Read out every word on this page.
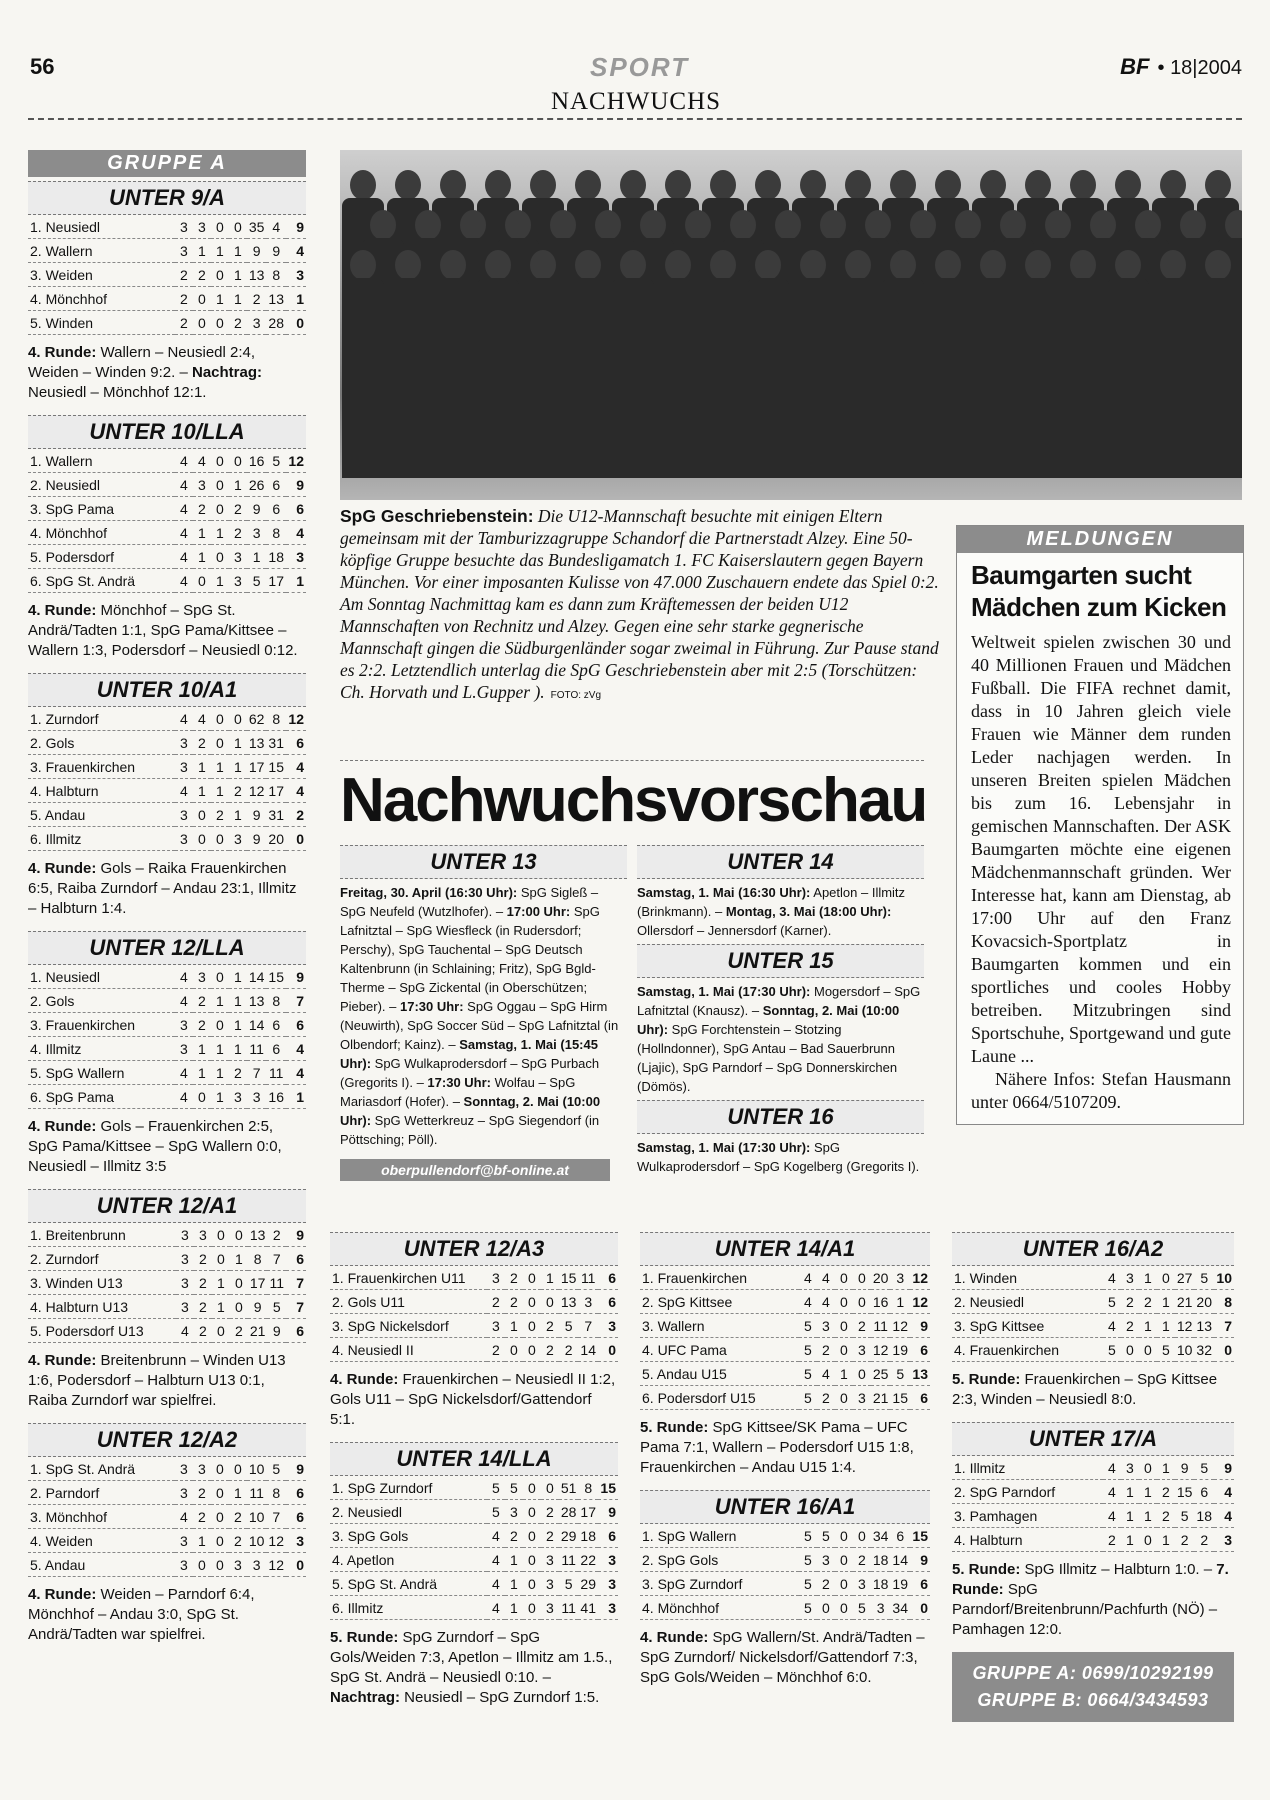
56	SPORT	BF • 18|2004
NACHWUCHS
GRUPPE A
UNTER 9/A
1. Neusiedl	3	3	0	0	35	4	9
2. Wallern	3	1	1	1	9	9	4
3. Weiden	2	2	0	1	13	8	3
4. Mönchhof	2	0	1	1	2	13	1
5. Winden	2	0	0	2	3	28	0
4. Runde: Wallern – Neusiedl 2:4, Weiden – Winden 9:2. – Nachtrag: Neusiedl – Mönchhof 12:1.
UNTER 10/LLA
1. Wallern	4	4	0	0	16	5	12
2. Neusiedl	4	3	0	1	26	6	9
3. SpG Pama	4	2	0	2	9	6	6
4. Mönchhof	4	1	1	2	3	8	4
5. Podersdorf	4	1	0	3	1	18	3
6. SpG St. Andrä	4	0	1	3	5	17	1
4. Runde: Mönchhof – SpG St. Andrä/Tadten 1:1, SpG Pama/Kittsee – Wallern 1:3, Podersdorf – Neusiedl 0:12.
UNTER 10/A1
1. Zurndorf	4	4	0	0	62	8	12
2. Gols	3	2	0	1	13	31	6
3. Frauenkirchen	3	1	1	1	17	15	4
4. Halbturn	4	1	1	2	12	17	4
5. Andau	3	0	2	1	9	31	2
6. Illmitz	3	0	0	3	9	20	0
4. Runde: Gols – Raika Frauenkirchen 6:5, Raiba Zurndorf – Andau 23:1, Illmitz – Halbturn 1:4.
UNTER 12/LLA
1. Neusiedl	4	3	0	1	14	15	9
2. Gols	4	2	1	1	13	8	7
3. Frauenkirchen	3	2	0	1	14	6	6
4. Illmitz	3	1	1	1	11	6	4
5. SpG Wallern	4	1	1	2	7	11	4
6. SpG Pama	4	0	1	3	3	16	1
4. Runde: Gols – Frauenkirchen 2:5, SpG Pama/Kittsee – SpG Wallern 0:0, Neusiedl – Illmitz 3:5
UNTER 12/A1
1. Breitenbrunn	3	3	0	0	13	2	9
2. Zurndorf	3	2	0	1	8	7	6
3. Winden U13	3	2	1	0	17	11	7
4. Halbturn U13	3	2	1	0	9	5	7
5. Podersdorf U13	4	2	0	2	21	9	6
4. Runde: Breitenbrunn – Winden U13 1:6, Podersdorf – Halbturn U13 0:1, Raiba Zurndorf war spielfrei.
UNTER 12/A2
1. SpG St. Andrä	3	3	0	0	10	5	9
2. Parndorf	3	2	0	1	11	8	6
3. Mönchhof	4	2	0	2	10	7	6
4. Weiden	3	1	0	2	10	12	3
5. Andau	3	0	0	3	3	12	0
4. Runde: Weiden – Parndorf 6:4, Mönchhof – Andau 3:0, SpG St. Andrä/Tadten war spielfrei.
SpG Geschriebenstein: Die U12-Mannschaft besuchte mit einigen Eltern gemeinsam mit der Tamburizzagruppe Schandorf die Partnerstadt Alzey. Eine 50-köpfige Gruppe besuchte das Bundesligamatch 1. FC Kaiserslautern gegen Bayern München. Vor einer imposanten Kulisse von 47.000 Zuschauern endete das Spiel 0:2. Am Sonntag Nachmittag kam es dann zum Kräftemessen der beiden U12 Mannschaften von Rechnitz und Alzey. Gegen eine sehr starke gegnerische Mannschaft gingen die Südburgenländer sogar zweimal in Führung. Zur Pause stand es 2:2. Letztendlich unterlag die SpG Geschriebenstein aber mit 2:5 (Torschützen: Ch. Horvath und L.Gupper ). FOTO: zVg
Nachwuchsvorschau
UNTER 13
Freitag, 30. April (16:30 Uhr): SpG Sigleß – SpG Neufeld (Wutzlhofer). – 17:00 Uhr: SpG Lafnitztal – SpG Wiesfleck (in Rudersdorf; Perschy), SpG Tauchental – SpG Deutsch Kaltenbrunn (in Schlaining; Fritz), SpG Bgld-Therme – SpG Zickental (in Oberschützen; Pieber). – 17:30 Uhr: SpG Oggau – SpG Hirm (Neuwirth), SpG Soccer Süd – SpG Lafnitztal (in Olbendorf; Kainz). – Samstag, 1. Mai (15:45 Uhr): SpG Wulkaprodersdorf – SpG Purbach (Gregorits I). – 17:30 Uhr: Wolfau – SpG Mariasdorf (Hofer). – Sonntag, 2. Mai (10:00 Uhr): SpG Wetterkreuz – SpG Siegendorf (in Pöttsching; Pöll).
oberpullendorf@bf-online.at
UNTER 14
Samstag, 1. Mai (16:30 Uhr): Apetlon – Illmitz (Brinkmann). – Montag, 3. Mai (18:00 Uhr): Ollersdorf – Jennersdorf (Karner).
UNTER 15
Samstag, 1. Mai (17:30 Uhr): Mogersdorf – SpG Lafnitztal (Knausz). – Sonntag, 2. Mai (10:00 Uhr): SpG Forchtenstein – Stotzing (Hollndonner), SpG Antau – Bad Sauerbrunn (Ljajic), SpG Parndorf – SpG Donnerskirchen (Dömös).
UNTER 16
Samstag, 1. Mai (17:30 Uhr): SpG Wulkaprodersdorf – SpG Kogelberg (Gregorits I).
MELDUNGEN
Baumgarten sucht Mädchen zum Kicken
Weltweit spielen zwischen 30 und 40 Millionen Frauen und Mädchen Fußball. Die FIFA rechnet damit, dass in 10 Jahren gleich viele Frauen wie Männer dem runden Leder nachjagen werden. In unseren Breiten spielen Mädchen bis zum 16. Lebensjahr in gemischen Mannschaften. Der ASK Baumgarten möchte eine eigenen Mädchenmannschaft gründen. Wer Interesse hat, kann am Dienstag, ab 17:00 Uhr auf den Franz Kovacsich-Sportplatz in Baumgarten kommen und ein sportliches und cooles Hobby betreiben. Mitzubringen sind Sportschuhe, Sportgewand und gute Laune ...
Nähere Infos: Stefan Hausmann unter 0664/5107209.
UNTER 12/A3
1. Frauenkirchen U11	3	2	0	1	15	11	6
2. Gols U11	2	2	0	0	13	3	6
3. SpG Nickelsdorf	3	1	0	2	5	7	3
4. Neusiedl II	2	0	0	2	2	14	0
4. Runde: Frauenkirchen – Neusiedl II 1:2, Gols U11 – SpG Nickelsdorf/Gattendorf 5:1.
UNTER 14/LLA
1. SpG Zurndorf	5	5	0	0	51	8	15
2. Neusiedl	5	3	0	2	28	17	9
3. SpG Gols	4	2	0	2	29	18	6
4. Apetlon	4	1	0	3	11	22	3
5. SpG St. Andrä	4	1	0	3	5	29	3
6. Illmitz	4	1	0	3	11	41	3
5. Runde: SpG Zurndorf – SpG Gols/Weiden 7:3, Apetlon – Illmitz am 1.5., SpG St. Andrä – Neusiedl 0:10. – Nachtrag: Neusiedl – SpG Zurndorf 1:5.
UNTER 14/A1
1. Frauenkirchen	4	4	0	0	20	3	12
2. SpG Kittsee	4	4	0	0	16	1	12
3. Wallern	5	3	0	2	11	12	9
4. UFC Pama	5	2	0	3	12	19	6
5. Andau U15	5	4	1	0	25	5	13
6. Podersdorf U15	5	2	0	3	21	15	6
5. Runde: SpG Kittsee/SK Pama – UFC Pama 7:1, Wallern – Podersdorf U15 1:8, Frauenkirchen – Andau U15 1:4.
UNTER 16/A1
1. SpG Wallern	5	5	0	0	34	6	15
2. SpG Gols	5	3	0	2	18	14	9
3. SpG Zurndorf	5	2	0	3	18	19	6
4. Mönchhof	5	0	0	5	3	34	0
4. Runde: SpG Wallern/St. Andrä/Tadten – SpG Zurndorf/ Nickelsdorf/Gattendorf 7:3, SpG Gols/Weiden – Mönchhof 6:0.
UNTER 16/A2
1. Winden	4	3	1	0	27	5	10
2. Neusiedl	5	2	2	1	21	20	8
3. SpG Kittsee	4	2	1	1	12	13	7
4. Frauenkirchen	5	0	0	5	10	32	0
5. Runde: Frauenkirchen – SpG Kittsee 2:3, Winden – Neusiedl 8:0.
UNTER 17/A
1. Illmitz	4	3	0	1	9	5	9
2. SpG Parndorf	4	1	1	2	15	6	4
3. Pamhagen	4	1	1	2	5	18	4
4. Halbturn	2	1	0	1	2	2	3
5. Runde: SpG Illmitz – Halbturn 1:0. – 7. Runde: SpG Parndorf/Breitenbrunn/Pachfurth (NÖ) – Pamhagen 12:0.
GRUPPE A: 0699/10292199
GRUPPE B: 0664/3434593
